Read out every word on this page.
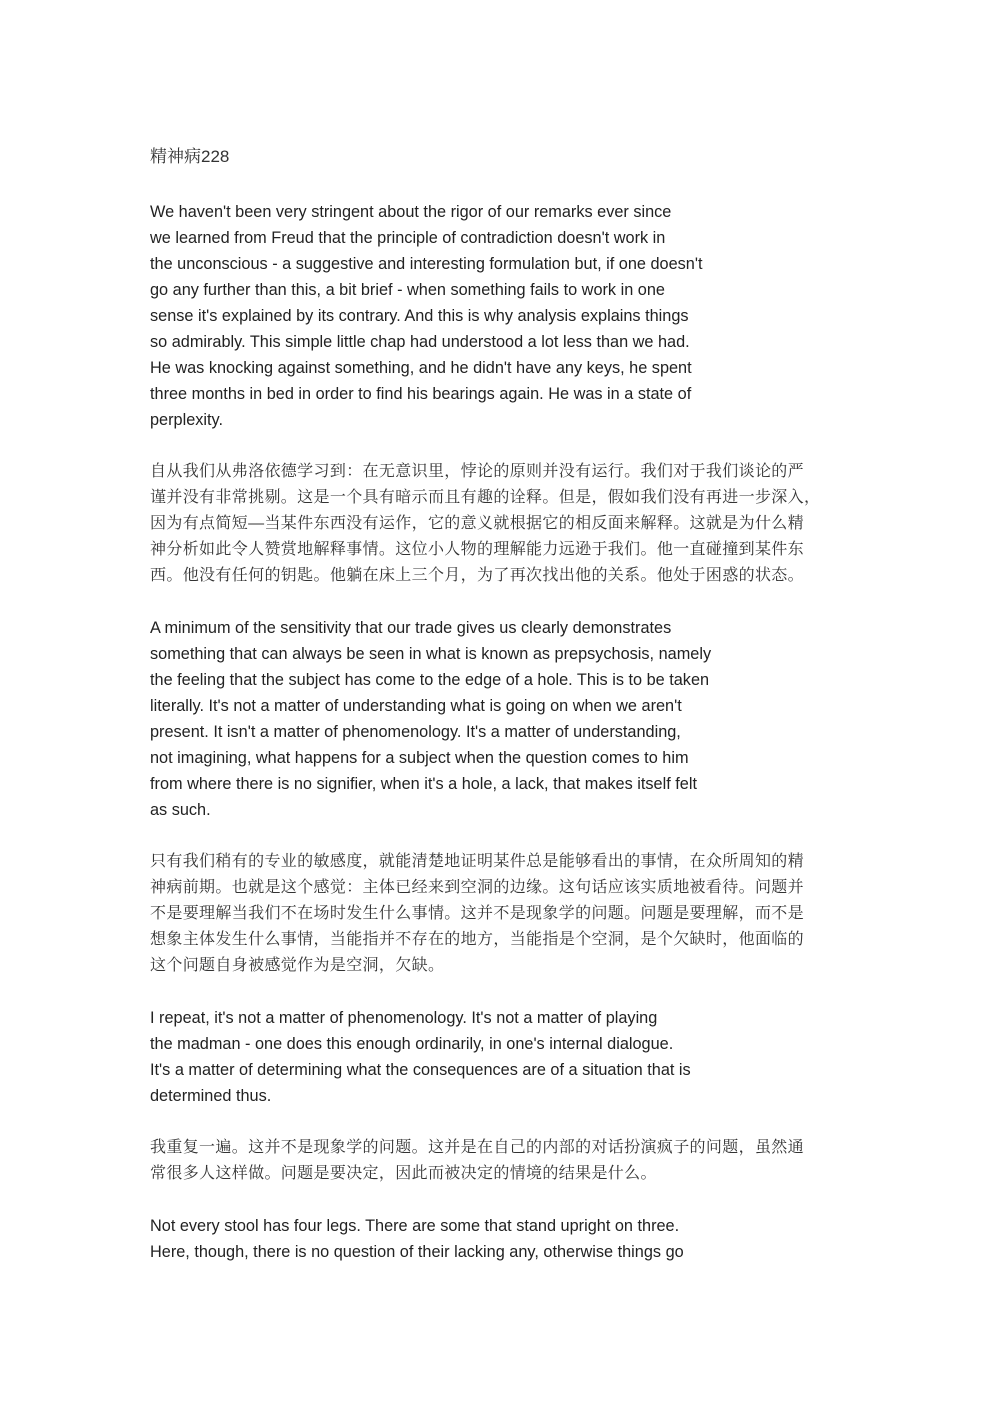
精神病228

We haven't been very stringent about the rigor of our remarks ever since
we learned from Freud that the principle of contradiction doesn't work in
the unconscious - a suggestive and interesting formulation but, if one doesn't
go any further than this, a bit brief - when something fails to work in one
sense it's explained by its contrary. And this is why analysis explains things
so admirably. This simple little chap had understood a lot less than we had.
He was knocking against something, and he didn't have any keys, he spent
three months in bed in order to find his bearings again. He was in a state of
perplexity.

自从我们从弗洛依德学习到：在无意识里，悖论的原则并没有运行。我们对于我们谈论的严
谨并没有非常挑剔。这是一个具有暗示而且有趣的诠释。但是，假如我们没有再进一步深入，
因为有点简短—当某件东西没有运作，它的意义就根据它的相反面来解释。这就是为什么精
神分析如此令人赞赏地解释事情。这位小人物的理解能力远逊于我们。他一直碰撞到某件东
西。他没有任何的钥匙。他躺在床上三个月，为了再次找出他的关系。他处于困惑的状态。

A minimum of the sensitivity that our trade gives us clearly demonstrates
something that can always be seen in what is known as prepsychosis, namely
the feeling that the subject has come to the edge of a hole. This is to be taken
literally. It's not a matter of understanding what is going on when we aren't
present. It isn't a matter of phenomenology. It's a matter of understanding,
not imagining, what happens for a subject when the question comes to him
from where there is no signifier, when it's a hole, a lack, that makes itself felt
as such.

只有我们稍有的专业的敏感度，就能清楚地证明某件总是能够看出的事情，在众所周知的精
神病前期。也就是这个感觉：主体已经来到空洞的边缘。这句话应该实质地被看待。问题并
不是要理解当我们不在场时发生什么事情。这并不是现象学的问题。问题是要理解，而不是
想象主体发生什么事情，当能指并不存在的地方，当能指是个空洞，是个欠缺时，他面临的
这个问题自身被感觉作为是空洞，欠缺。

I repeat, it's not a matter of phenomenology. It's not a matter of playing
the madman - one does this enough ordinarily, in one's internal dialogue.
It's a matter of determining what the consequences are of a situation that is
determined thus.

我重复一遍。这并不是现象学的问题。这并是在自己的内部的对话扮演疯子的问题，虽然通
常很多人这样做。问题是要决定，因此而被决定的情境的结果是什么。

Not every stool has four legs. There are some that stand upright on three.
Here, though, there is no question of their lacking any, otherwise things go
